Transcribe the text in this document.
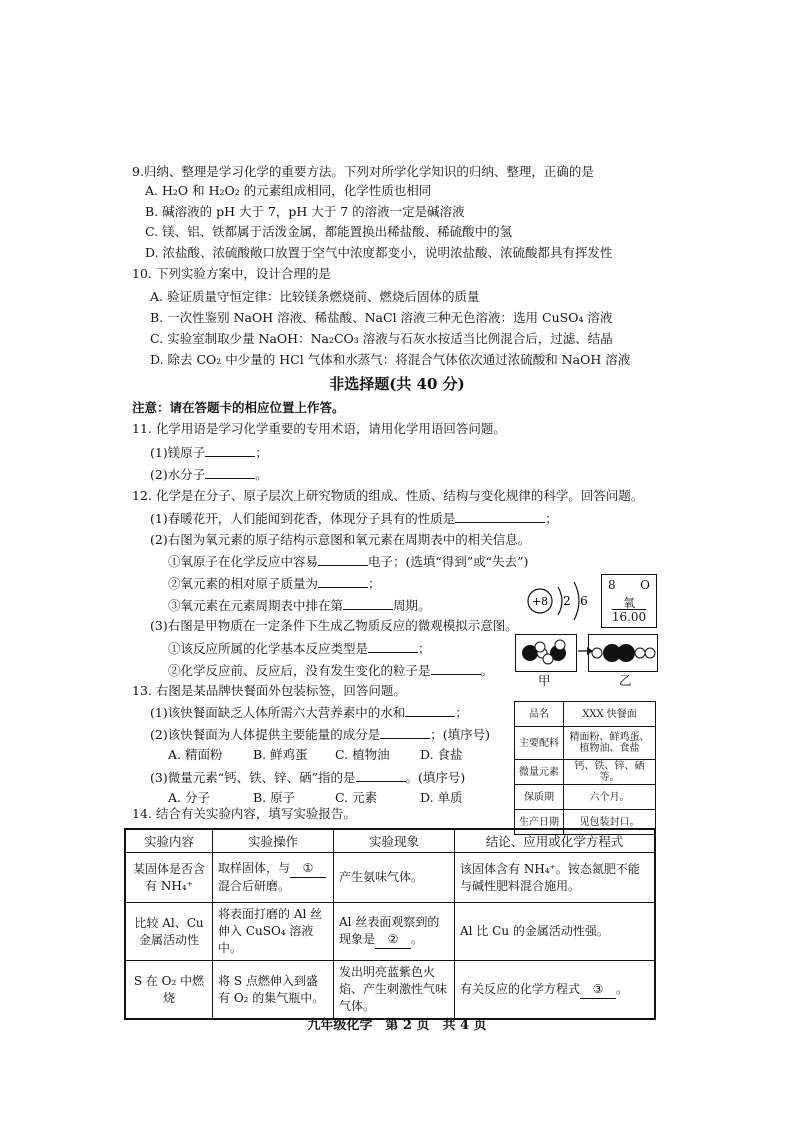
9.归纳、整理是学习化学的重要方法。下列对所学化学知识的归纳、整理，正确的是
A. H₂O 和 H₂O₂ 的元素组成相同，化学性质也相同
B. 碱溶液的 pH 大于 7，pH 大于 7 的溶液一定是碱溶液
C. 镁、铝、铁都属于活泼金属，都能置换出稀盐酸、稀硫酸中的氢
D. 浓盐酸、浓硫酸敞口放置于空气中浓度都变小，说明浓盐酸、浓硫酸都具有挥发性
10. 下列实验方案中，设计合理的是
A. 验证质量守恒定律：比较镁条燃烧前、燃烧后固体的质量
B. 一次性鉴别 NaOH 溶液、稀盐酸、NaCl 溶液三种无色溶液：选用 CuSO₄ 溶液
C. 实验室制取少量 NaOH：Na₂CO₃ 溶液与石灰水按适当比例混合后，过滤、结晶
D. 除去 CO₂ 中少量的 HCl 气体和水蒸气：将混合气体依次通过浓硫酸和 NaOH 溶液
非选择题(共 40 分)
注意：请在答题卡的相应位置上作答。
11. 化学用语是学习化学重要的专用术语，请用化学用语回答问题。
(1)镁原子	；
(2)水分子	。
12. 化学是在分子、原子层次上研究物质的组成、性质、结构与变化规律的科学。回答问题。
(1)春暖花开，人们能闻到花香，体现分子具有的性质是	；
(2)右图为氧元素的原子结构示意图和氧元素在周期表中的相关信息。
①氧原子在化学反应中容易	电子；(选填“得到”或“失去”)
②氧元素的相对原子质量为	；
③氧元素在元素周期表中排在第	周期。
(3)右图是甲物质在一定条件下生成乙物质反应的微观模拟示意图。
①该反应所属的化学基本反应类型是	；
②化学反应前、反应后，没有发生变化的粒子是	。
+8 2 6
8 O
氧
16.00
甲	乙
13. 右图是某品牌快餐面外包装标签，回答问题。
(1)该快餐面缺乏人体所需六大营养素中的水和	；
(2)该快餐面为人体提供主要能量的成分是	；(填序号)
A. 精面粉 B. 鲜鸡蛋 C. 植物油 D. 食盐
(3)微量元素“钙、铁、锌、硒”指的是	。(填序号)
A. 分子	B. 原子	C. 元素	D. 单质
品名	XXX 快餐面
主要配料	精面粉、鲜鸡蛋、植物油、食盐
微量元素	钙、铁、锌、硒等。
保质期	六个月。
生产日期	见包装封口。
14. 结合有关实验内容，填写实验报告。
实验内容	实验操作	实验现象	结论、应用或化学方程式
某固体是否含有 NH₄⁺	取样固体，与 ①混合后研磨。	产生氨味气体。	该固体含有 NH₄⁺。铵态氮肥不能与碱性肥料混合施用。
比较 Al、Cu 金属活动性	将表面打磨的 Al 丝伸入 CuSO₄ 溶液中。	Al 丝表面观察到的现象是 ② 。	Al 比 Cu 的金属活动性强。
S 在 O₂ 中燃烧	将 S 点燃伸入到盛有 O₂ 的集气瓶中。	发出明亮蓝紫色火焰、产生刺激性气味气体。	有关反应的化学方程式 ③ 。
九年级化学　第 2 页　共 4 页
